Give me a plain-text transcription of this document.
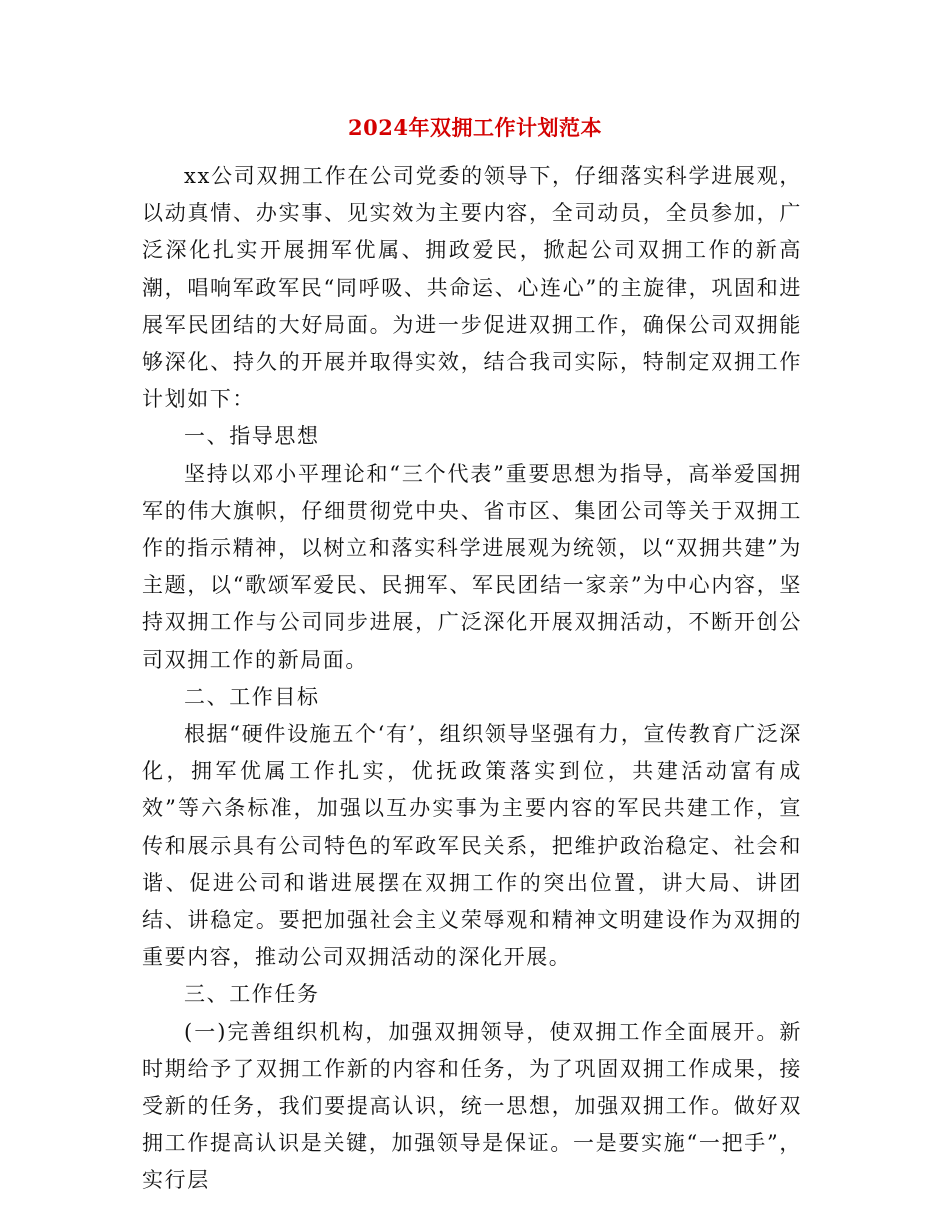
2024年双拥工作计划范本

xx公司双拥工作在公司党委的领导下，仔细落实科学进展观，以动真情、办实事、见实效为主要内容，全司动员，全员参加，广泛深化扎实开展拥军优属、拥政爱民，掀起公司双拥工作的新高潮，唱响军政军民“同呼吸、共命运、心连心”的主旋律，巩固和进展军民团结的大好局面。为进一步促进双拥工作，确保公司双拥能够深化、持久的开展并取得实效，结合我司实际，特制定双拥工作计划如下：

一、指导思想

坚持以邓小平理论和“三个代表”重要思想为指导，高举爱国拥军的伟大旗帜，仔细贯彻党中央、省市区、集团公司等关于双拥工作的指示精神，以树立和落实科学进展观为统领，以“双拥共建”为主题，以“歌颂军爱民、民拥军、军民团结一家亲”为中心内容，坚持双拥工作与公司同步进展，广泛深化开展双拥活动，不断开创公司双拥工作的新局面。

二、工作目标

根据“硬件设施五个‘有’，组织领导坚强有力，宣传教育广泛深化，拥军优属工作扎实，优抚政策落实到位，共建活动富有成效”等六条标准，加强以互办实事为主要内容的军民共建工作，宣传和展示具有公司特色的军政军民关系，把维护政治稳定、社会和谐、促进公司和谐进展摆在双拥工作的突出位置，讲大局、讲团结、讲稳定。要把加强社会主义荣辱观和精神文明建设作为双拥的重要内容，推动公司双拥活动的深化开展。

三、工作任务

(一)完善组织机构，加强双拥领导，使双拥工作全面展开。新时期给予了双拥工作新的内容和任务，为了巩固双拥工作成果，接受新的任务，我们要提高认识，统一思想，加强双拥工作。做好双拥工作提高认识是关键，加强领导是保证。一是要实施“一把手”，实行层
